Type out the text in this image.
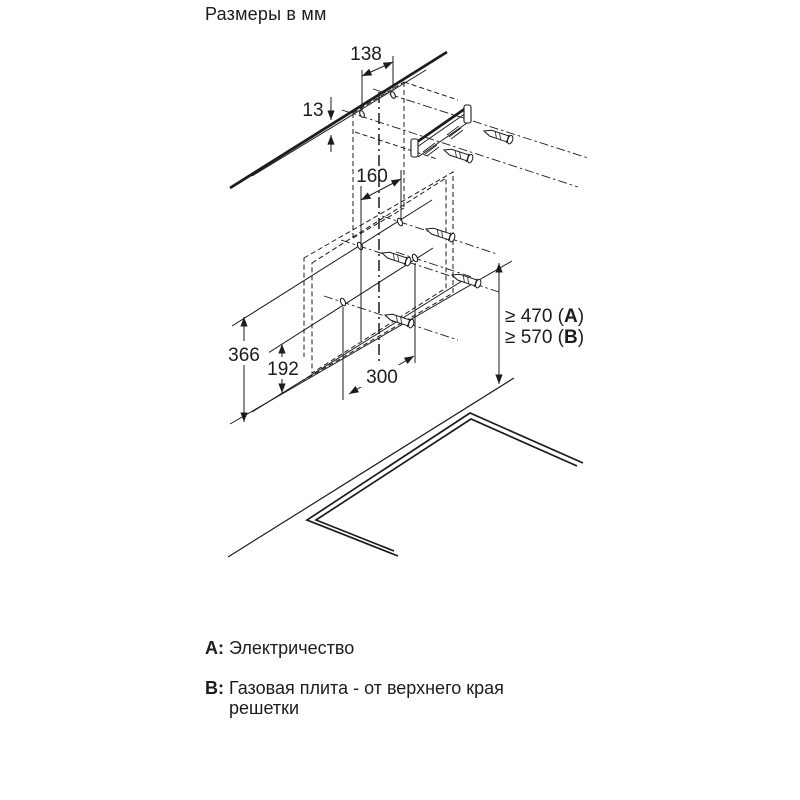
Размеры в мм
138
13
160
366
192	300
≥ 470 (A)
≥ 570 (B)
A: Электричество
B: Газовая плита - от верхнего края
решетки
